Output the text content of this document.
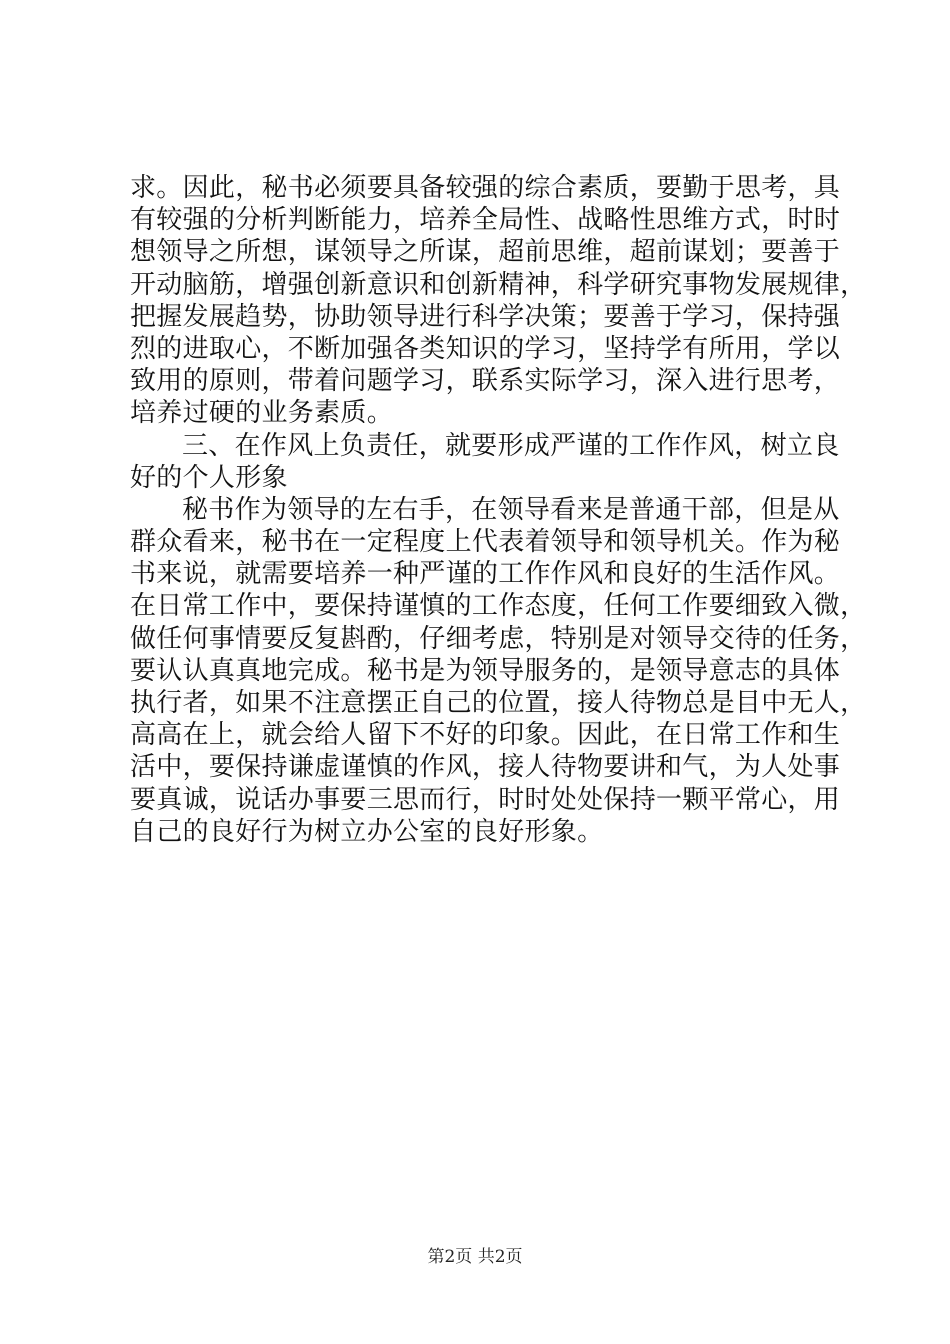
求。因此，秘书必须要具备较强的综合素质，要勤于思考，具
有较强的分析判断能力，培养全局性、战略性思维方式，时时
想领导之所想，谋领导之所谋，超前思维，超前谋划；要善于
开动脑筋，增强创新意识和创新精神，科学研究事物发展规律，
把握发展趋势，协助领导进行科学决策；要善于学习，保持强
烈的进取心，不断加强各类知识的学习，坚持学有所用，学以
致用的原则，带着问题学习，联系实际学习，深入进行思考，
培养过硬的业务素质。
三、在作风上负责任，就要形成严谨的工作作风，树立良
好的个人形象
秘书作为领导的左右手，在领导看来是普通干部，但是从
群众看来，秘书在一定程度上代表着领导和领导机关。作为秘
书来说，就需要培养一种严谨的工作作风和良好的生活作风。
在日常工作中，要保持谨慎的工作态度，任何工作要细致入微，
做任何事情要反复斟酌，仔细考虑，特别是对领导交待的任务，
要认认真真地完成。秘书是为领导服务的，是领导意志的具体
执行者，如果不注意摆正自己的位置，接人待物总是目中无人，
高高在上，就会给人留下不好的印象。因此，在日常工作和生
活中，要保持谦虚谨慎的作风，接人待物要讲和气，为人处事
要真诚，说话办事要三思而行，时时处处保持一颗平常心，用
自己的良好行为树立办公室的良好形象。
第2页 共2页
